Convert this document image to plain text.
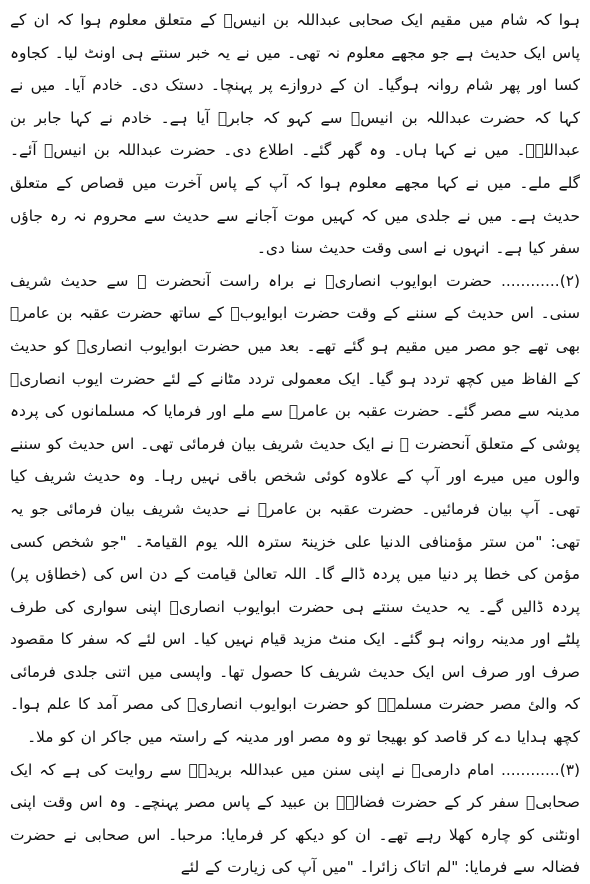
ہوا کہ شام میں مقیم ایک صحابی عبداللہ بن انیسؓ کے متعلق معلوم ہوا کہ ان کے پاس ایک حدیث ہے جو مجھے معلوم نہ تھی۔ میں نے یہ خبر سنتے ہی اونٹ لیا۔ کجاوہ کسا اور پھر شام روانہ ہوگیا۔ ان کے دروازے پر پہنچا۔ دستک دی۔ خادم آیا۔ میں نے کہا کہ حضرت عبداللہ بن انیسؓ سے کہو کہ جابرؓ آیا ہے۔ خادم نے کہا جابر بن عبداللہؓ۔ میں نے کہا ہاں۔ وہ گھر گئے۔ اطلاع دی۔ حضرت عبداللہ بن انیسؓ آئے۔ گلے ملے۔ میں نے کہا مجھے معلوم ہوا کہ آپ کے پاس آخرت میں قصاص کے متعلق حدیث ہے۔ میں نے جلدی میں کہ کہیں موت آجانے سے حدیث سے محروم نہ رہ جاؤں سفر کیا ہے۔ انہوں نے اسی وقت حدیث سنا دی۔

(۲)............ حضرت ابوایوب انصاریؓ نے براہ راست آنحضرت ﷺ سے حدیث شریف سنی۔ اس حدیث کے سننے کے وقت حضرت ابوایوبؓ کے ساتھ حضرت عقبہ بن عامرؓ بھی تھے جو مصر میں مقیم ہو گئے تھے۔ بعد میں حضرت ابوایوب انصاریؓ کو حدیث کے الفاظ میں کچھ تردد ہو گیا۔ ایک معمولی تردد مٹانے کے لئے حضرت ایوب انصاریؓ مدینہ سے مصر گئے۔ حضرت عقبہ بن عامرؓ سے ملے اور فرمایا کہ مسلمانوں کی پردہ پوشی کے متعلق آنحضرت ﷺ نے ایک حدیث شریف بیان فرمائی تھی۔ اس حدیث کو سننے والوں میں میرے اور آپ کے علاوہ کوئی شخص باقی نہیں رہا۔ وہ حدیث شریف کیا تھی۔ آپ بیان فرمائیں۔ حضرت عقبہ بن عامرؓ نے حدیث شریف بیان فرمائی جو یہ تھی: "من ستر مؤمنافی الدنیا علی خزینۃ سترہ اللہ یوم القیامۃ۔ "جو شخص کسی مؤمن کی خطا پر دنیا میں پردہ ڈالے گا۔ اللہ تعالیٰ قیامت کے دن اس کی (خطاؤں پر) پردہ ڈالیں گے۔ یہ حدیث سنتے ہی حضرت ابوایوب انصاریؓ اپنی سواری کی طرف پلٹے اور مدینہ روانہ ہو گئے۔ ایک منٹ مزید قیام نہیں کیا۔ اس لئے کہ سفر کا مقصود صرف اور صرف اس ایک حدیث شریف کا حصول تھا۔ واپسی میں اتنی جلدی فرمائی کہ والئ مصر حضرت مسلمہؓ کو حضرت ابوایوب انصاریؓ کی مصر آمد کا علم ہوا۔ کچھ ہدایا دے کر قاصد کو بھیجا تو وہ مصر اور مدینہ کے راستہ میں جاکر ان کو ملا۔

(۳)............ امام دارمیؒ نے اپنی سنن میں عبداللہ بریدہؒ سے روایت کی ہے کہ ایک صحابیؓ سفر کر کے حضرت فضالہؓ بن عبید کے پاس مصر پہنچے۔ وہ اس وقت اپنی اونٹنی کو چارہ کھلا رہے تھے۔ ان کو دیکھ کر فرمایا: مرحبا۔ اس صحابی نے حضرت فضالہ سے فرمایا: "لم اتاک زائرا۔ "میں آپ کی زیارت کے لئے
